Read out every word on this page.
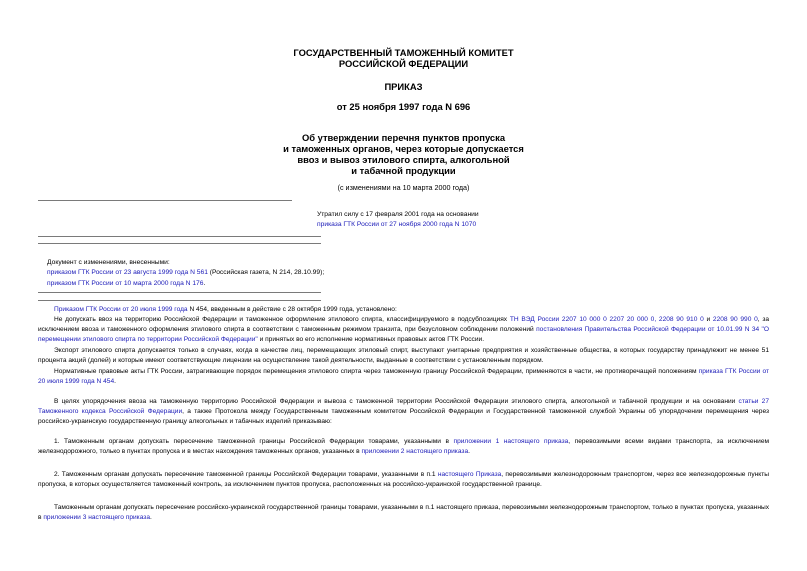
ГОСУДАРСТВЕННЫЙ ТАМОЖЕННЫЙ КОМИТЕТ
РОССИЙСКОЙ ФЕДЕРАЦИИ
ПРИКАЗ
от 25 ноября 1997 года N 696
Об утверждении перечня пунктов пропуска
и таможенных органов, через которые допускается
ввоз и вывоз этилового спирта, алкогольной
и табачной продукции
(с изменениями на 10 марта 2000 года)
Утратил силу с 17 февраля 2001 года на основании
приказа ГТК России от 27 ноября 2000 года N 1070
Документ с изменениями, внесенными:
приказом ГТК России от 23 августа 1999 года N 561 (Российская газета, N 214, 28.10.99);
приказом ГТК России от 10 марта 2000 года N 176.
Приказом ГТК России от 20 июля 1999 года N 454, введенным в действие с 28 октября 1999 года, установлено:
Не допускать ввоз на территорию Российской Федерации и таможенное оформление этилового спирта, классифицируемого в подсубпозициях ТН ВЭД России 2207 10 000 0 2207 20 000 0, 2208 90 910 0 и 2208 90 990 0, за исключением ввоза и таможенного оформления этилового спирта в соответствии с таможенным режимом транзита, при безусловном соблюдении положений постановления Правительства Российской Федерации от 10.01.99 N 34 "О перемещении этилового спирта по территории Российской Федерации" и принятых во его исполнение нормативных правовых актов ГТК России.
Экспорт этилового спирта допускается только в случаях, когда в качестве лиц, перемещающих этиловый спирт, выступают унитарные предприятия и хозяйственные общества, в которых государству принадлежит не менее 51 процента акций (долей) и которые имеют соответствующие лицензии на осуществление такой деятельности, выданные в соответствии с установленным порядком.
Нормативные правовые акты ГТК России, затрагивающие порядок перемещения этилового спирта через таможенную границу Российской Федерации, применяются в части, не противоречащей положениям приказа ГТК России от 20 июля 1999 года N 454.
В целях упорядочения ввоза на таможенную территорию Российской Федерации и вывоза с таможенной территории Российской Федерации этилового спирта, алкогольной и табачной продукции и на основании статьи 27 Таможенного кодекса Российской Федерации, а также Протокола между Государственным таможенным комитетом Российской Федерации и Государственной таможенной службой Украины об упорядочении перемещения через российско-украинскую государственную границу алкогольных и табачных изделий приказываю:
1. Таможенным органам допускать пересечение таможенной границы Российской Федерации товарами, указанными в приложении 1 настоящего приказа, перевозимыми всеми видами транспорта, за исключением железнодорожного, только в пунктах пропуска и в местах нахождения таможенных органов, указанных в приложении 2 настоящего приказа.
2. Таможенным органам допускать пересечение таможенной границы Российской Федерации товарами, указанными в п.1 настоящего Приказа, перевозимыми железнодорожным транспортом, через все железнодорожные пункты пропуска, в которых осуществляется таможенный контроль, за исключением пунктов пропуска, расположенных на российско-украинской государственной границе.
Таможенным органам допускать пересечение российско-украинской государственной границы товарами, указанными в п.1 настоящего приказа, перевозимыми железнодорожным транспортом, только в пунктах пропуска, указанных в приложении 3 настоящего приказа.
